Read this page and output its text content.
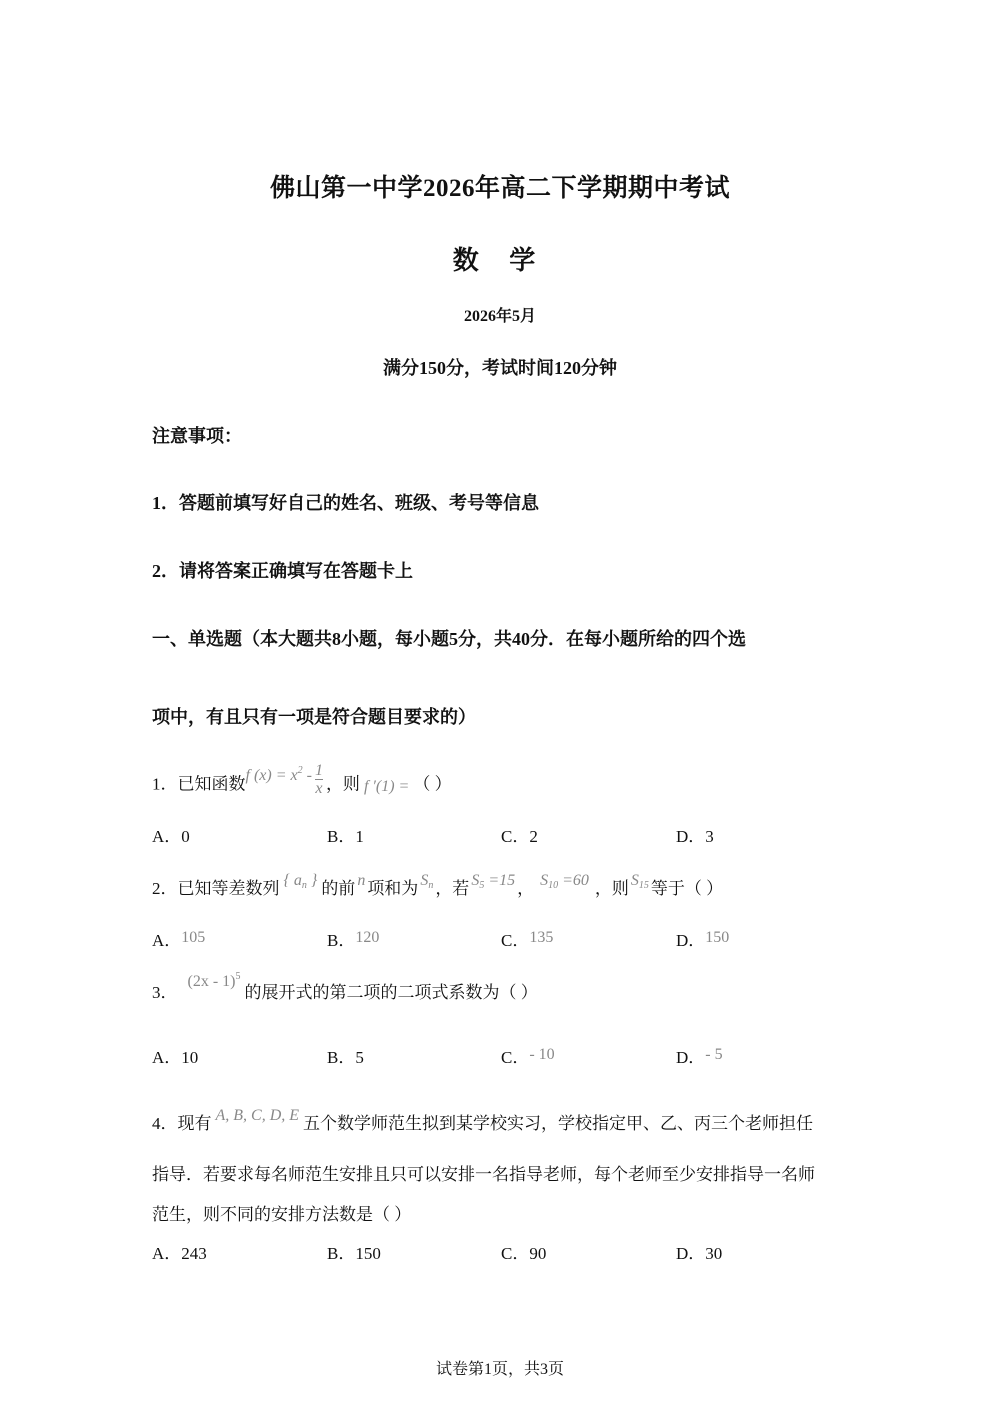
佛山第一中学2026年高二下学期期中考试
数 学
2026年5月
满分150分，考试时间120分钟
注意事项：
1．答题前填写好自己的姓名、班级、考号等信息
2．请将答案正确填写在答题卡上
一、单选题（本大题共8小题，每小题5分，共40分．在每小题所给的四个选
项中，有且只有一项是符合题目要求的）
1．已知函数f $(x) = x^2 - \frac{1}{x}$ ，则 f ′(1) = （ ）
A．0	B．1	C．2	D．3
2．已知等差数列 { an } 的前 n 项和为 Sn ，若 S5 =15 ， S10 =60 ，则 S15 等于（ ）
A．105	B．120	C．135	D．150
3．(2x - 1)$^5$的展开式的第二项的二项式系数为（ ）
A．10	B．5	C．- 10	D．- 5
4．现有 A, B, C, D, E 五个数学师范生拟到某学校实习，学校指定甲、乙、丙三个老师担任
指导．若要求每名师范生安排且只可以安排一名指导老师，每个老师至少安排指导一名师
范生，则不同的安排方法数是（ ）
A．243	B．150	C．90	D．30
试卷第1页，共3页
